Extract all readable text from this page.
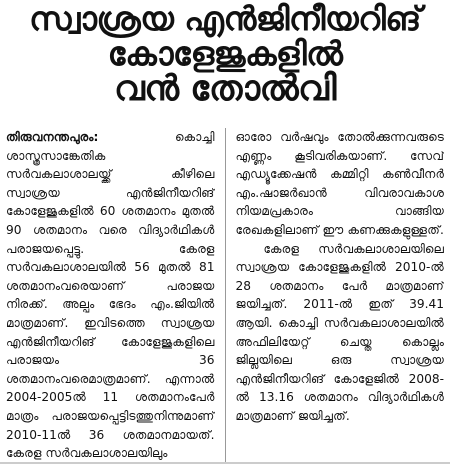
സ്വാശ്രയ എൻജിനീയറിങ്
കോളേജുകളിൽ
വൻ തോൽവി

തിരുവനന്തപുരം:	കൊച്ചി ശാസ്ത്രസാങ്കേതിക സർവകലാശാലയ്ക്ക് കീഴിലെ സ്വാശ്രയ എൻജിനീയറിങ് കോളേജുകളിൽ 60 ശതമാനം മുതൽ 90 ശതമാനം വരെ വിദ്യാർഥികൾ പരാജയപ്പെട്ടു. കേരള സർവകലാശാലയിൽ 56 മുതൽ 81 ശതമാനംവരെയാണ് പരാജയ നിരക്ക്. അല്പം ഭേദം എം.ജിയിൽ മാത്രമാണ്. ഇവിടത്തെ സ്വാശ്രയ എൻജിനീയറിങ് കോളേജുകളിലെ പരാജയം 36 ശതമാനംവരെമാത്രമാണ്. എന്നാൽ 2004-2005ൽ 11 ശതമാനംപേർ മാത്രം പരാജയപ്പെട്ടിടത്തുനിന്നുമാണ് 2010-11ൽ 36 ശതമാനമായത്. കേരള സർവകലാശാലയിലും

ഓരോ വർഷവും തോൽക്കുന്നവരുടെ എണ്ണം കൂടിവരികയാണ്. സേവ് എഡ്യൂക്കേഷൻ കമ്മിറ്റി കൺവീനർ എം.ഷാജർഖാൻ വിവരാവകാശ നിയമപ്രകാരം വാങ്ങിയ രേഖകളിലാണ് ഈ കണക്കുകളുള്ളത്.

കേരള സർവകലാശാലയിലെ സ്വാശ്രയ കോളേജുകളിൽ 2010-ൽ 28 ശതമാനം പേർ മാത്രമാണ് ജയിച്ചത്. 2011-ൽ ഇത് 39.41 ആയി. കൊച്ചി സർവകലാശാലയിൽ അഫിലിയേറ്റ് ചെയ്ത കൊല്ലം ജില്ലയിലെ ഒരു സ്വാശ്രയ എൻജിനീയറിങ് കോളേജിൽ 2008-ൽ 13.16 ശതമാനം വിദ്യാർഥികൾ മാത്രമാണ് ജയിച്ചത്.
